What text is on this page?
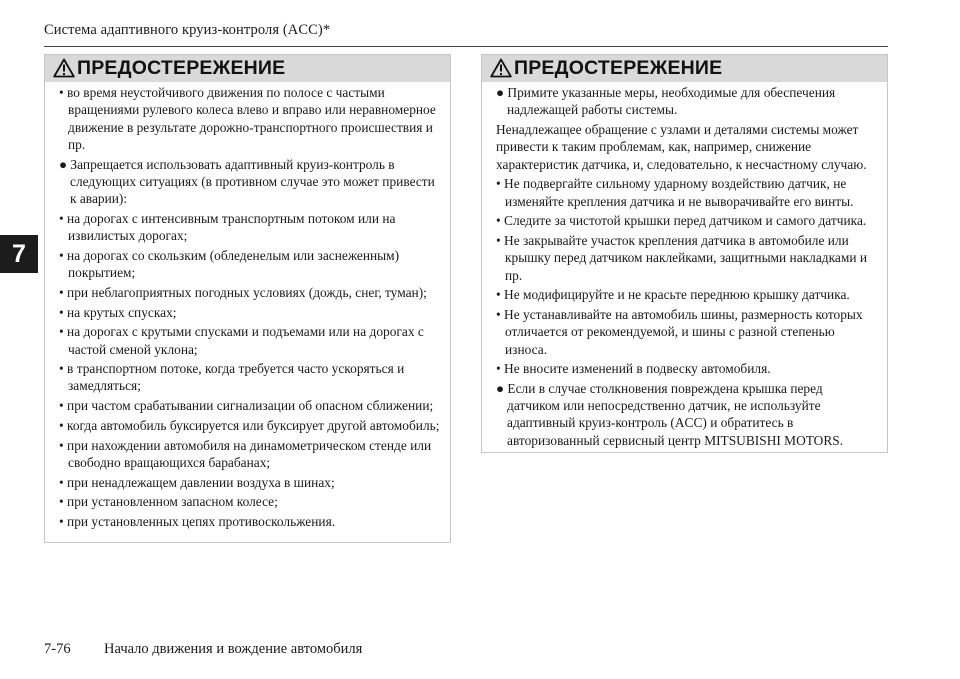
Система адаптивного круиз-контроля (ACC)*
7
ПРЕДОСТЕРЕЖЕНИЕ
• во время неустойчивого движения по полосе с частыми вращениями рулевого колеса влево и вправо или неравномерное движение в результате дорожно-транспортного происшествия и пр.
● Запрещается использовать адаптивный круиз-контроль в следующих ситуациях (в противном случае это может привести к аварии):
• на дорогах с интенсивным транспортным потоком или на извилистых дорогах;
• на дорогах со скользким (обледенелым или заснеженным) покрытием;
• при неблагоприятных погодных условиях (дождь, снег, туман);
• на крутых спусках;
• на дорогах с крутыми спусками и подъемами или на дорогах с частой сменой уклона;
• в транспортном потоке, когда требуется часто ускоряться и замедляться;
• при частом срабатывании сигнализации об опасном сближении;
• когда автомобиль буксируется или буксирует другой автомобиль;
• при нахождении автомобиля на динамометрическом стенде или свободно вращающихся барабанах;
• при ненадлежащем давлении воздуха в шинах;
• при установленном запасном колесе;
• при установленных цепях противоскольжения.
ПРЕДОСТЕРЕЖЕНИЕ
● Примите указанные меры, необходимые для обеспечения надлежащей работы системы.
Ненадлежащее обращение с узлами и деталями системы может привести к таким проблемам, как, например, снижение характеристик датчика, и, следовательно, к несчастному случаю.
• Не подвергайте сильному ударному воздействию датчик, не изменяйте крепления датчика и не выворачивайте его винты.
• Следите за чистотой крышки перед датчиком и самого датчика.
• Не закрывайте участок крепления датчика в автомобиле или крышку перед датчиком наклейками, защитными накладками и пр.
• Не модифицируйте и не красьте переднюю крышку датчика.
• Не устанавливайте на автомобиль шины, размерность которых отличается от рекомендуемой, и шины с разной степенью износа.
• Не вносите изменений в подвеску автомобиля.
● Если в случае столкновения повреждена крышка перед датчиком или непосредственно датчик, не используйте адаптивный круиз-контроль (ACC) и обратитесь в авторизованный сервисный центр MITSUBISHI MOTORS.
7-76 Начало движения и вождение автомобиля
